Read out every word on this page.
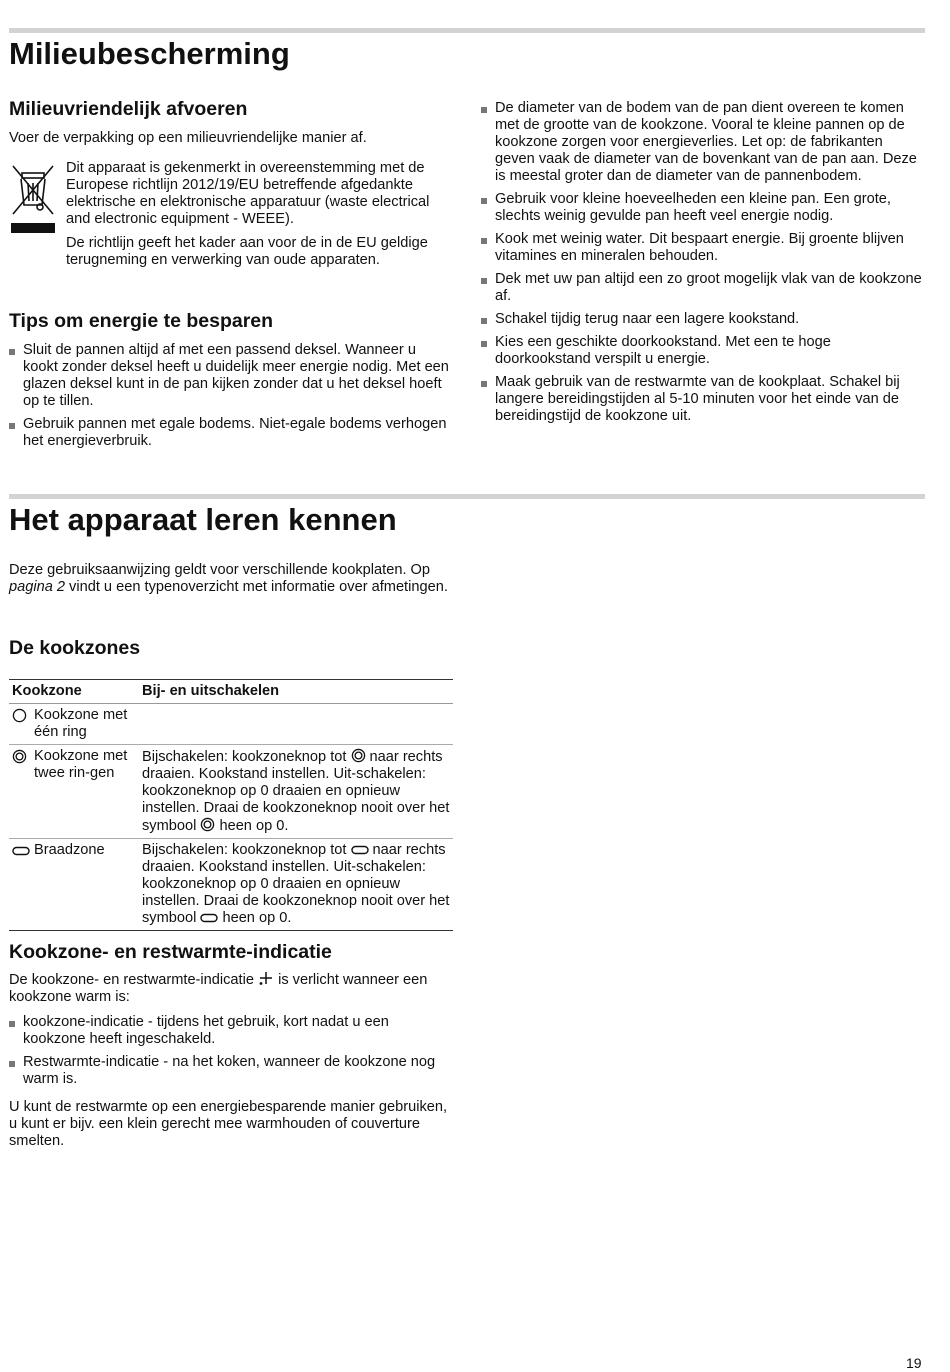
Milieubescherming
Milieuvriendelijk afvoeren

Voer de verpakking op een milieuvriendelijke manier af.

Dit apparaat is gekenmerkt in overeenstemming met de Europese richtlijn 2012/19/EU betreffende afgedankte elektrische en elektronische apparatuur (waste electrical and electronic equipment - WEEE).

De richtlijn geeft het kader aan voor de in de EU geldige terugneming en verwerking van oude apparaten.

Tips om energie te besparen
Sluit de pannen altijd af met een passend deksel. Wanneer u kookt zonder deksel heeft u duidelijk meer energie nodig. Met een glazen deksel kunt in de pan kijken zonder dat u het deksel hoeft op te tillen.
Gebruik pannen met egale bodems. Niet-egale bodems verhogen het energieverbruik.
De diameter van de bodem van de pan dient overeen te komen met de grootte van de kookzone. Vooral te kleine pannen op de kookzone zorgen voor energieverlies. Let op: de fabrikanten geven vaak de diameter van de bovenkant van de pan aan. Deze is meestal groter dan de diameter van de pannenbodem.
Gebruik voor kleine hoeveelheden een kleine pan. Een grote, slechts weinig gevulde pan heeft veel energie nodig.
Kook met weinig water. Dit bespaart energie. Bij groente blijven vitamines en mineralen behouden.
Dek met uw pan altijd een zo groot mogelijk vlak van de kookzone af.
Schakel tijdig terug naar een lagere kookstand.
Kies een geschikte doorkookstand. Met een te hoge doorkookstand verspilt u energie.
Maak gebruik van de restwarmte van de kookplaat. Schakel bij langere bereidingstijden al 5-10 minuten voor het einde van de bereidingstijd de kookzone uit.
Het apparaat leren kennen

Deze gebruiksaanwijzing geldt voor verschillende kookplaten. Op pagina 2 vindt u een typenoverzicht met informatie over afmetingen.

De kookzones
Kookzone	Bij- en uitschakelen

Kookzone met één ring	

Kookzone met twee rin-gen	Bijschakelen: kookzoneknop tot  naar rechts draaien. Kookstand instellen. Uit-schakelen: kookzoneknop op 0 draaien en opnieuw instellen. Draai de kookzoneknop nooit over het symbool  heen op 0.

Braadzone	Bijschakelen: kookzoneknop tot  naar rechts draaien. Kookstand instellen. Uit-schakelen: kookzoneknop op 0 draaien en opnieuw instellen. Draai de kookzoneknop nooit over het symbool  heen op 0.
Kookzone- en restwarmte-indicatie

De kookzone- en restwarmte-indicatie  is verlicht wanneer een kookzone warm is:

kookzone-indicatie - tijdens het gebruik, kort nadat u een kookzone heeft ingeschakeld.
Restwarmte-indicatie - na het koken, wanneer de kookzone nog warm is.

U kunt de restwarmte op een energiebesparende manier gebruiken, u kunt er bijv. een klein gerecht mee warmhouden of couverture smelten.

19
